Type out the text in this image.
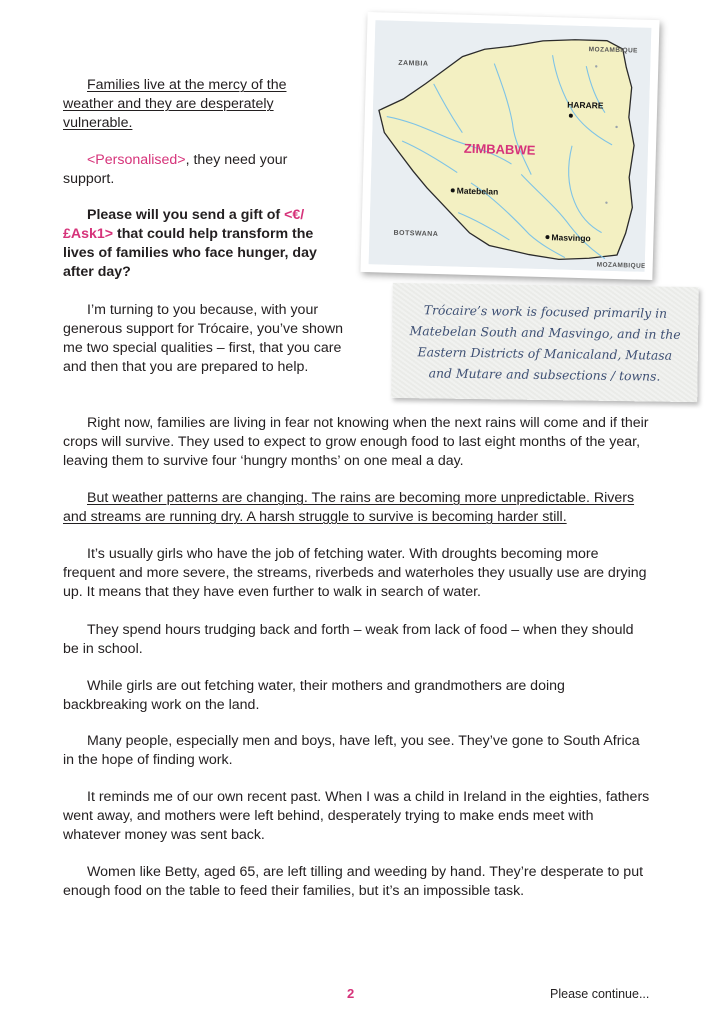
Families live at the mercy of the weather and they are desperately vulnerable.

<Personalised>, they need your support.

Please will you send a gift of <€/£Ask1> that could help transform the lives of families who face hunger, day after day?

I’m turning to you because, with your generous support for Trócaire, you’ve shown me two special qualities – first, that you care and then that you are prepared to help.

ZAMBIA
MOZAMBIQUE
BOTSWANA
MOZAMBIQUE
ZIMBABWE
HARARE
Matebelan
Masvingo
Trócaire’s work is focused primarily in Matebelan South and Masvingo, and in the Eastern Districts of Manicaland, Mutasa and Mutare and subsections / towns.

Right now, families are living in fear not knowing when the next rains will come and if their crops will survive. They used to expect to grow enough food to last eight months of the year, leaving them to survive four ‘hungry months’ on one meal a day.

But weather patterns are changing. The rains are becoming more unpredictable. Rivers and streams are running dry. A harsh struggle to survive is becoming harder still.

It’s usually girls who have the job of fetching water. With droughts becoming more frequent and more severe, the streams, riverbeds and waterholes they usually use are drying up. It means that they have even further to walk in search of water.

They spend hours trudging back and forth – weak from lack of food – when they should be in school.

While girls are out fetching water, their mothers and grandmothers are doing backbreaking work on the land.

Many people, especially men and boys, have left, you see. They’ve gone to South Africa in the hope of finding work.

It reminds me of our own recent past. When I was a child in Ireland in the eighties, fathers went away, and mothers were left behind, desperately trying to make ends meet with whatever money was sent back.

Women like Betty, aged 65, are left tilling and weeding by hand. They’re desperate to put enough food on the table to feed their families, but it’s an impossible task.

2	Please continue...
